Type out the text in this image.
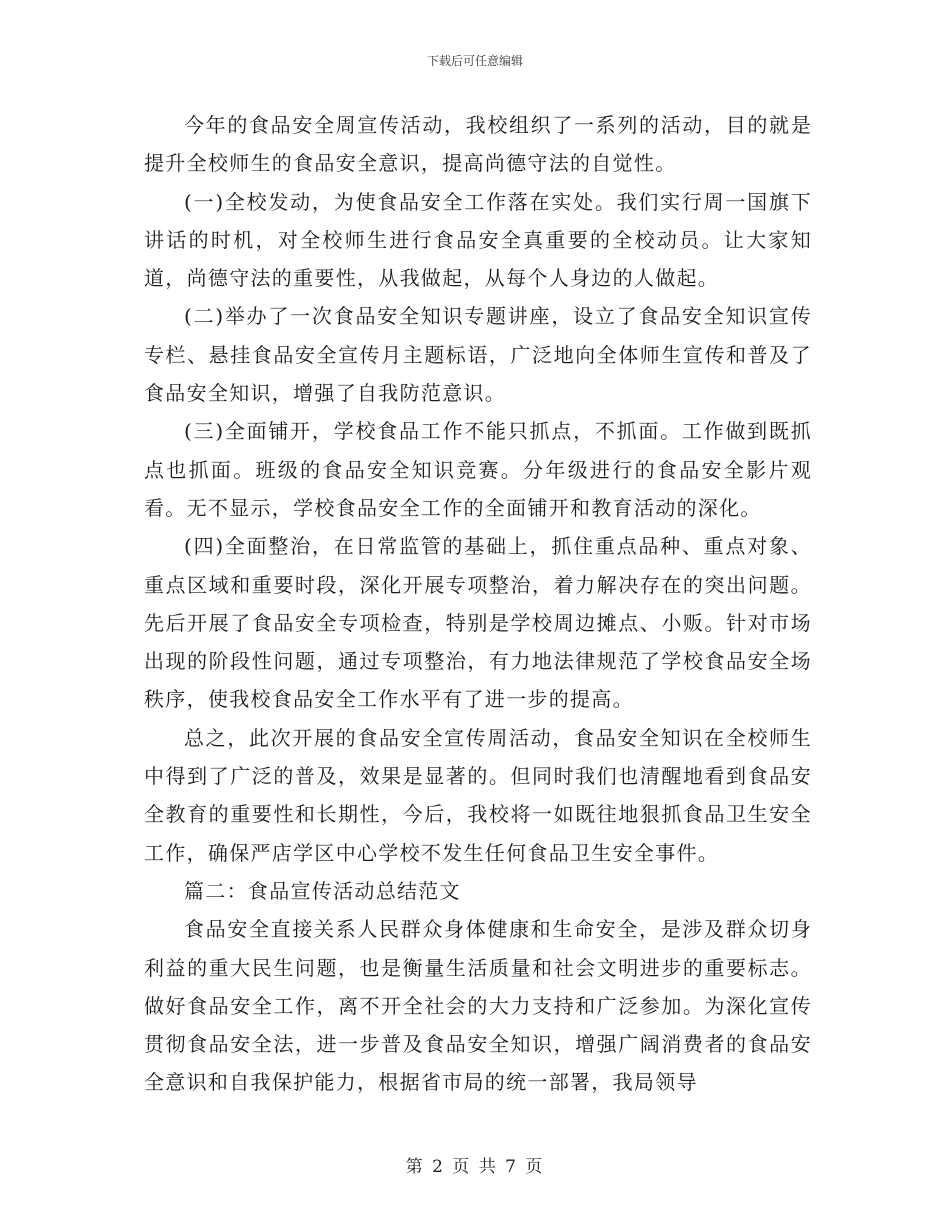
下载后可任意编辑

今年的食品安全周宣传活动，我校组织了一系列的活动，目的就是提升全校师生的食品安全意识，提高尚德守法的自觉性。

(一)全校发动，为使食品安全工作落在实处。我们实行周一国旗下讲话的时机，对全校师生进行食品安全真重要的全校动员。让大家知道，尚德守法的重要性，从我做起，从每个人身边的人做起。

(二)举办了一次食品安全知识专题讲座，设立了食品安全知识宣传专栏、悬挂食品安全宣传月主题标语，广泛地向全体师生宣传和普及了食品安全知识，增强了自我防范意识。

(三)全面铺开，学校食品工作不能只抓点，不抓面。工作做到既抓点也抓面。班级的食品安全知识竞赛。分年级进行的食品安全影片观看。无不显示，学校食品安全工作的全面铺开和教育活动的深化。

(四)全面整治，在日常监管的基础上，抓住重点品种、重点对象、重点区域和重要时段，深化开展专项整治，着力解决存在的突出问题。先后开展了食品安全专项检查，特别是学校周边摊点、小贩。针对市场出现的阶段性问题，通过专项整治，有力地法律规范了学校食品安全场秩序，使我校食品安全工作水平有了进一步的提高。

总之，此次开展的食品安全宣传周活动，食品安全知识在全校师生中得到了广泛的普及，效果是显著的。但同时我们也清醒地看到食品安全教育的重要性和长期性，今后，我校将一如既往地狠抓食品卫生安全工作，确保严店学区中心学校不发生任何食品卫生安全事件。

篇二：食品宣传活动总结范文

食品安全直接关系人民群众身体健康和生命安全，是涉及群众切身利益的重大民生问题，也是衡量生活质量和社会文明进步的重要标志。做好食品安全工作，离不开全社会的大力支持和广泛参加。为深化宣传贯彻食品安全法，进一步普及食品安全知识，增强广阔消费者的食品安全意识和自我保护能力，根据省市局的统一部署，我局领导

第 2 页 共 7 页
